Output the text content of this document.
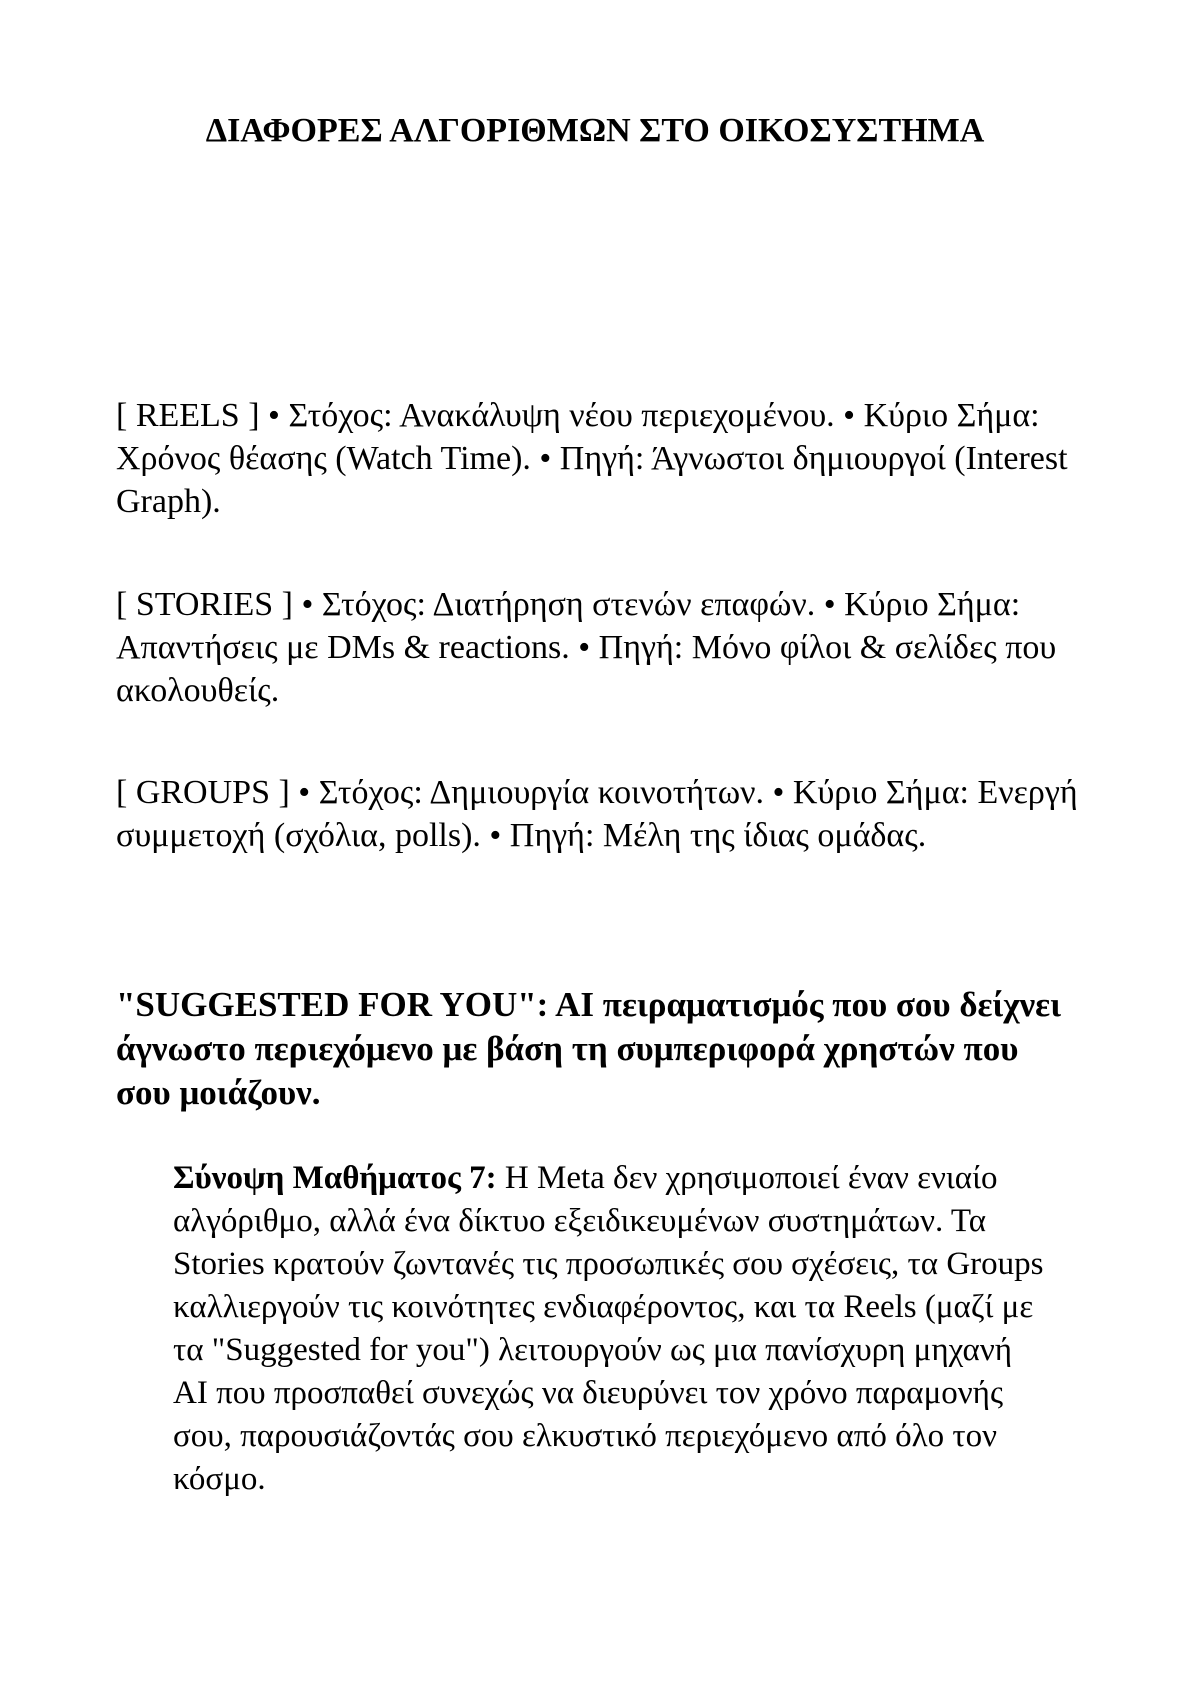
ΔΙΑΦΟΡΕΣ ΑΛΓΟΡΙΘΜΩΝ ΣΤΟ ΟΙΚΟΣΥΣΤΗΜΑ

[ REELS ] • Στόχος: Ανακάλυψη νέου περιεχομένου. • Κύριο Σήμα: Χρόνος θέασης (Watch Time). • Πηγή: Άγνωστοι δημιουργοί (Interest Graph).

[ STORIES ] • Στόχος: Διατήρηση στενών επαφών. • Κύριο Σήμα: Απαντήσεις με DMs & reactions. • Πηγή: Μόνο φίλοι & σελίδες που ακολουθείς.

[ GROUPS ] • Στόχος: Δημιουργία κοινοτήτων. • Κύριο Σήμα: Ενεργή συμμετοχή (σχόλια, polls). • Πηγή: Μέλη της ίδιας ομάδας.

"SUGGESTED FOR YOU": AI πειραματισμός που σου δείχνει άγνωστο περιεχόμενο με βάση τη συμπεριφορά χρηστών που σου μοιάζουν.

Σύνοψη Μαθήματος 7: Η Meta δεν χρησιμοποιεί έναν ενιαίο αλγόριθμο, αλλά ένα δίκτυο εξειδικευμένων συστημάτων. Τα Stories κρατούν ζωντανές τις προσωπικές σου σχέσεις, τα Groups καλλιεργούν τις κοινότητες ενδιαφέροντος, και τα Reels (μαζί με τα "Suggested for you") λειτουργούν ως μια πανίσχυρη μηχανή AI που προσπαθεί συνεχώς να διευρύνει τον χρόνο παραμονής σου, παρουσιάζοντάς σου ελκυστικό περιεχόμενο από όλο τον κόσμο.
